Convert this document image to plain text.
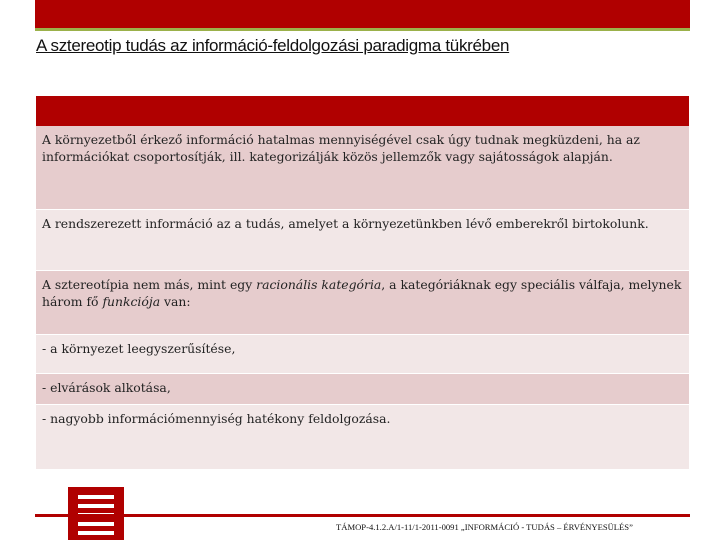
A sztereotip tudás az információ-feldolgozási paradigma tükrében
A környezetből érkező információ hatalmas mennyiségével csak úgy tudnak megküzdeni, ha az információkat csoportosítják, ill. kategorizálják közös jellemzők vagy sajátosságok alapján.
A rendszerezett információ az a tudás, amelyet a környezetünkben lévő emberekről birtokolunk.
A sztereotípia nem más, mint egy racionális kategória, a kategóriáknak egy speciális válfaja, melynek három fő funkciója van:
- a környezet leegyszerűsítése,
- elvárások alkotása,
- nagyobb információmennyiség hatékony feldolgozása.
TÁMOP-4.1.2.A/1-11/1-2011-0091 „INFORMÁCIÓ - TUDÁS – ÉRVÉNYESÜLÉS”
